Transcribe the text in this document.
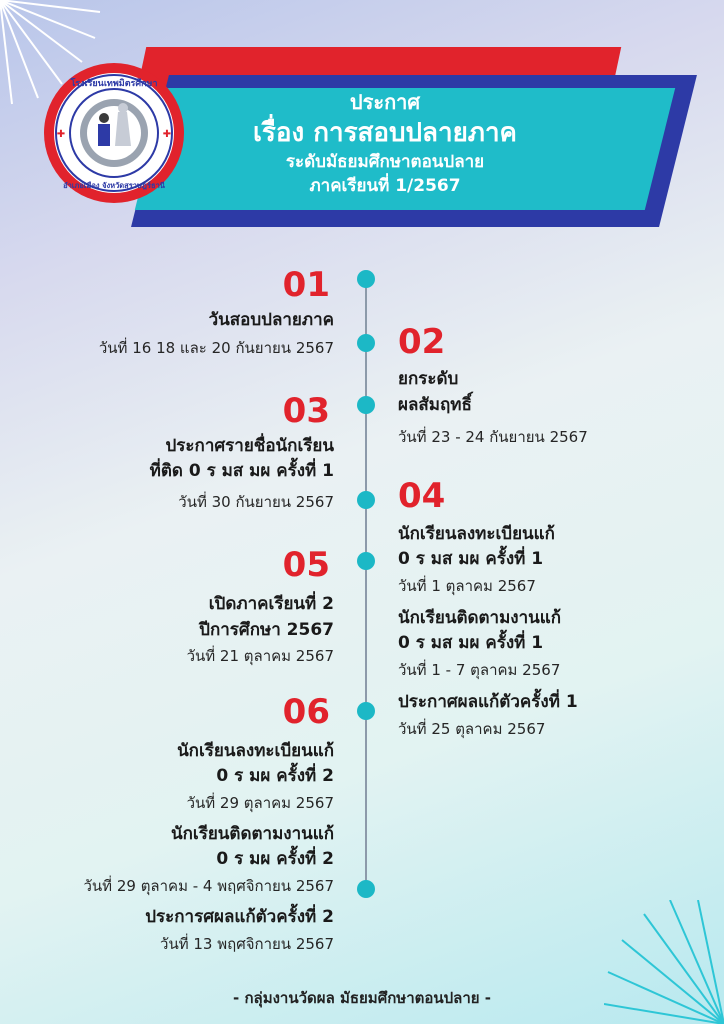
ประกาศ
เรื่อง การสอบปลายภาค
ระดับมัธยมศึกษาตอนปลาย
ภาคเรียนที่ 1/2567
โรงเรียนเทพมิตรศึกษา
อำเภอเมือง จังหวัดสุราษฎร์ธานี
✚	✚
01
วันสอบปลายภาค
วันที่ 16 18 และ 20 กันยายน 2567 02
ยกระดับ
ผลสัมฤทธิ์
วันที่ 23 - 24 กันยายน 2567
03
ประกาศรายชื่อนักเรียน
ที่ติด 0 ร มส มผ ครั้งที่ 1
วันที่ 30 กันยายน 2567 04
นักเรียนลงทะเบียนแก้
0 ร มส มผ ครั้งที่ 1
วันที่ 1 ตุลาคม 2567
นักเรียนติดตามงานแก้
0 ร มส มผ ครั้งที่ 1
วันที่ 1 - 7 ตุลาคม 2567
ประกาศผลแก้ตัวครั้งที่ 1
วันที่ 25 ตุลาคม 2567
05
เปิดภาคเรียนที่ 2
ปีการศึกษา 2567
วันที่ 21 ตุลาคม 2567
06
นักเรียนลงทะเบียนแก้
0 ร มผ ครั้งที่ 2
วันที่ 29 ตุลาคม 2567
นักเรียนติดตามงานแก้
0 ร มผ ครั้งที่ 2
วันที่ 29 ตุลาคม - 4 พฤศจิกายน 2567
ประการศผลแก้ตัวครั้งที่ 2
วันที่ 13 พฤศจิกายน 2567
- กลุ่มงานวัดผล มัธยมศึกษาตอนปลาย -
